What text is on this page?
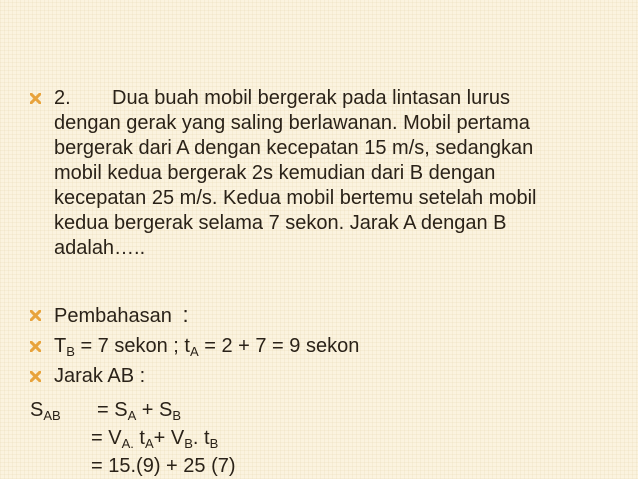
2. Dua buah mobil bergerak pada lintasan lurus
dengan gerak yang saling berlawanan. Mobil pertama
bergerak dari A dengan kecepatan 15 m/s, sedangkan
mobil kedua bergerak 2s kemudian dari B dengan
kecepatan 25 m/s. Kedua mobil bertemu setelah mobil
kedua bergerak selama 7 sekon. Jarak A dengan B
adalah…..
Pembahasan :
$T_B = 7$ sekon ; $t_A = 2 + 7 = 9$ sekon
Jarak AB :
$S_{AB} = S_A + S_B$
= $V_{A.}$ $t_A+ V_B$. $t_B$
= 15.(9) + 25 (7)
